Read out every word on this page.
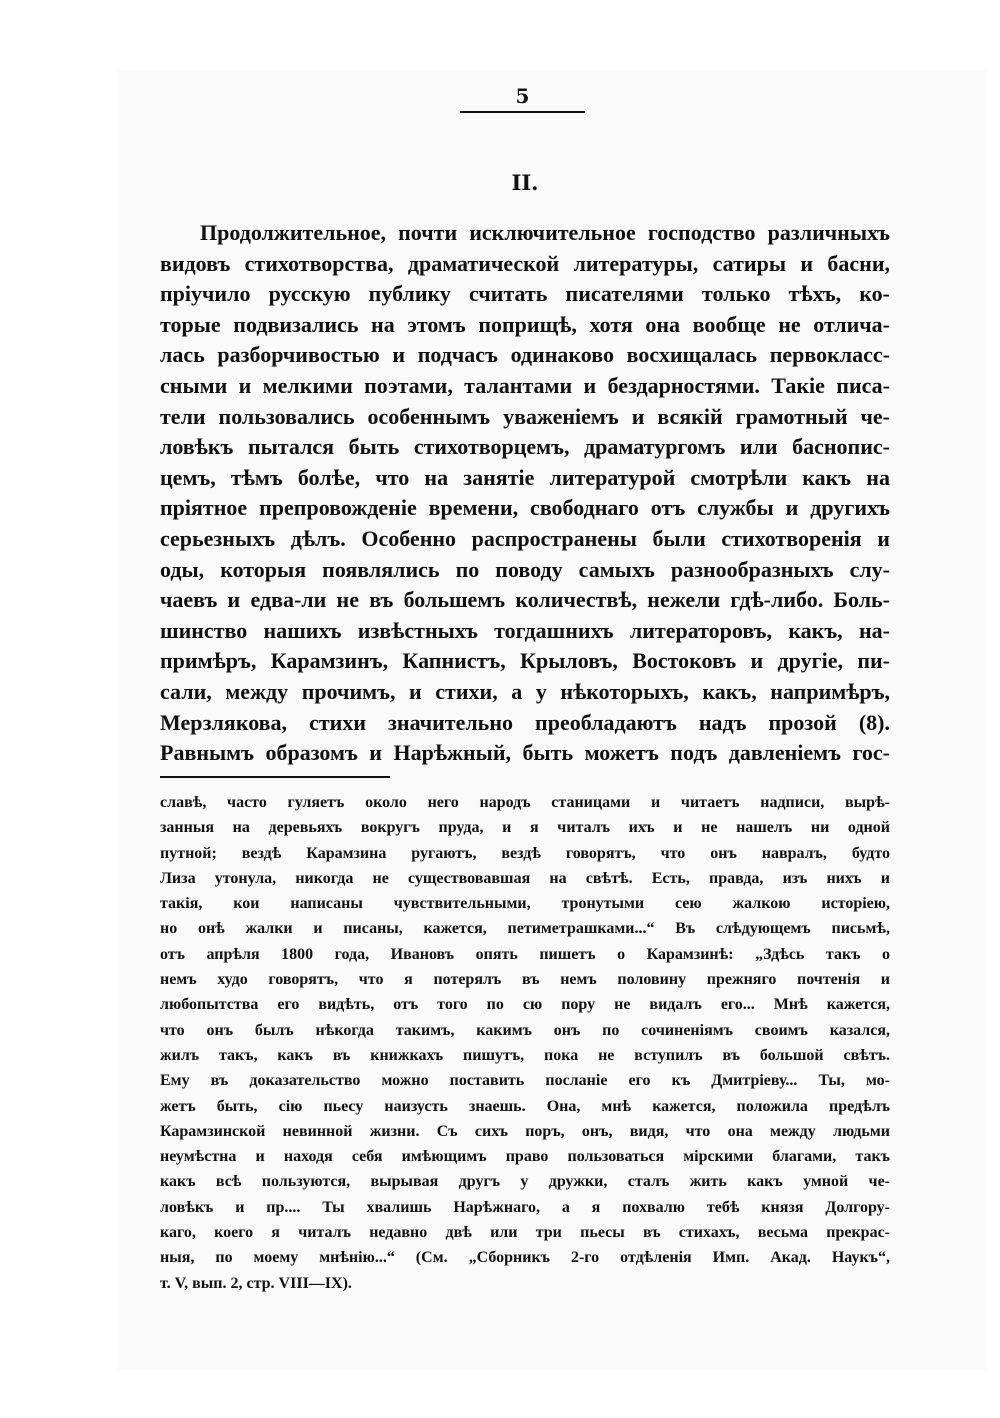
5
II.
Продолжительное, почти исключительное господство различныхъ
видовъ стихотворства, драматической литературы, сатиры и басни,
пріучило русскую публику считать писателями только тѣхъ, ко-
торые подвизались на этомъ поприщѣ, хотя она вообще не отлича-
лась разборчивостью и подчасъ одинаково восхищалась первокласс-
сными и мелкими поэтами, талантами и бездарностями. Такіе писа-
тели пользовались особеннымъ уваженіемъ и всякій грамотный че-
ловѣкъ пытался быть стихотворцемъ, драматургомъ или баснопис-
цемъ, тѣмъ болѣе, что на занятіе литературой смотрѣли какъ на
пріятное препровожденіе времени, свободнаго отъ службы и другихъ
серьезныхъ дѣлъ. Особенно распространены были стихотворенія и
оды, которыя появлялись по поводу самыхъ разнообразныхъ слу-
чаевъ и едва-ли не въ большемъ количествѣ, нежели гдѣ-либо. Боль-
шинство нашихъ извѣстныхъ тогдашнихъ литераторовъ, какъ, на-
примѣръ, Карамзинъ, Капнистъ, Крыловъ, Востоковъ и другіе, пи-
сали, между прочимъ, и стихи, а у нѣкоторыхъ, какъ, напримѣръ,
Мерзлякова, стихи значительно преобладаютъ надъ прозой (8).
Равнымъ образомъ и Нарѣжный, быть можетъ подъ давленіемъ гос-
славѣ, часто гуляетъ около него народъ станицами и читаетъ надписи, вырѣ-
занныя на деревьяхъ вокругъ пруда, и я читалъ ихъ и не нашелъ ни одной
путной; вездѣ Карамзина ругаютъ, вездѣ говорятъ, что онъ навралъ, будто
Лиза утонула, никогда не существовавшая на свѣтѣ. Есть, правда, изъ нихъ и
такія, кои написаны чувствительными, тронутыми сею жалкою исторіею,
но онѣ жалки и писаны, кажется, петиметрашками...“ Въ слѣдующемъ письмѣ,
отъ апрѣля 1800 года, Ивановъ опять пишетъ о Карамзинѣ: „Здѣсь такъ о
немъ худо говорятъ, что я потерялъ въ немъ половину прежняго почтенія и
любопытства его видѣть, отъ того по сю пору не видалъ его... Мнѣ кажется,
что онъ былъ нѣкогда такимъ, какимъ онъ по сочиненіямъ своимъ казался,
жилъ такъ, какъ въ книжкахъ пишутъ, пока не вступилъ въ большой свѣтъ.
Ему въ доказательство можно поставить посланіе его къ Дмитріеву... Ты, мо-
жетъ быть, сію пьесу наизусть знаешь. Она, мнѣ кажется, положила предѣлъ
Карамзинской невинной жизни. Съ сихъ поръ, онъ, видя, что она между людьми
неумѣстна и находя себя имѣющимъ право пользоваться мірскими благами, такъ
какъ всѣ пользуются, вырывая другъ у дружки, сталъ жить какъ умной че-
ловѣкъ и пр.... Ты хвалишь Нарѣжнаго, а я похвалю тебѣ князя Долгору-
каго, коего я читалъ недавно двѣ или три пьесы въ стихахъ, весьма прекрас-
ныя, по моему мнѣнію...“ (См. „Сборникъ 2-го отдѣленія Имп. Акад. Наукъ“,
т. V, вып. 2, стр. VIII—IX).
